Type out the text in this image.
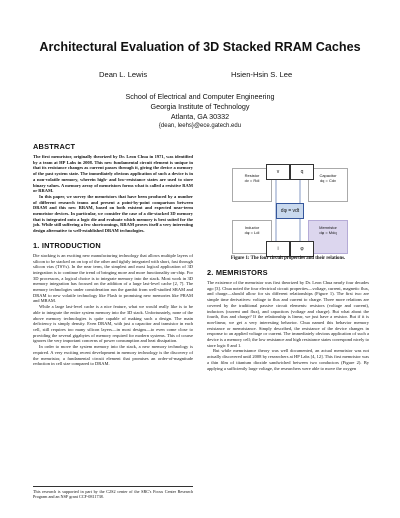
Architectural Evaluation of 3D Stacked RRAM Caches
Dean L. Lewis	Hsien-Hsin S. Lee
School of Electrical and Computer Engineering
Georgia Institute of Technology
Atlanta, GA 30332
{dean, leehs}@ece.gatech.edu
ABSTRACT

The first memristor, originally theorized by Dr. Leon Chua in 1971, was identified by a team at HP Labs in 2008. This new fundamental circuit element is unique in that its resistance changes as current passes through it, giving the device a memory of the past system state. The immediately obvious application of such a device is in a non-volatile memory, wherein high- and low-resistance states are used to store binary values. A memory array of memristors forms what is called a resistive RAM or RRAM.

In this paper, we survey the memristors that have been produced by a number of different research teams and present a point-by-point comparison between DRAM and this new RRAM, based on both existent and expected near-term memristor devices. In particular, we consider the case of a die-stacked 3D memory that is integrated onto a logic die and evaluate which memory is best suited for the job. While still suffering a few shortcomings, RRAM proves itself a very interesting design alternative to well-established DRAM technologies.

1. INTRODUCTION

Die stacking is an exciting new manufacturing technology that allows multiple layers of silicon to be stacked on on top of the other and tightly integrated with short, fast through silicon vias (TSVs). In the near term, the simplest and most logical application of 3D integration is to continue the trend of bringing more and more functionality on-chip. For 3D processors, a logical choice is to integrate memory into the stack. Most work in 3D memory integration has focused on the addition of a large last-level cache [2, 7]. The memory technologies under consideration run the gambit from well-studied SRAM and DRAM to new volatile technology like Flash to promising new memories like PRAM and MRAM.

While a large last-level cache is a nice feature, what we would really like is to be able to integrate the entire system memory into the 3D stack. Unfortunately, none of the above memory technologies is quite capable of making such a design. The main deficiency is simply density. Even DRAM, with just a capacitor and transistor in each cell, still requires too many silicon layers—in most designs—to even come close to providing the several gigabytes of memory required for modern systems. This of course ignores the very important concerns of power consumption and heat dissipation.

In order to move the system memory into the stack, a new memory technology is required. A very exciting recent development in memory technology is the discovery of the memristor, a fundamental circuit element that promises an order-of-magnitude reduction in cell size compared to DRAM.

This research is supported in part by the C2S2 center of the SRC's Focus Center Research Program and an NSF grant CCF-0811738.

Resistor
dv = Rdi
Capacitor
dq = Cdv
Inductor
dφ = Ldi
Memristor
dφ = Mdq
v	q
i	φ
dφ = vdt
Figure 1: The four circuit properties and their relations.
2. MEMRISTORS

The existence of the memristor was first theorized by Dr. Leon Chua nearly four decades ago [3]. Chua noted the four electrical circuit properties—voltage, current, magnetic flux, and charge—should allow for six different relationships (Figure 1). The first two are simple time derivatives: voltage to flux and current to charge. Three more relations are covered by the traditional passive circuit elements: resistors (voltage and current), inductors (current and flux), and capacitors (voltage and charge). But what about the fourth, flux and charge? If the relationship is linear, we just have a resistor. But if it is non-linear, we get a very interesting behavior. Chua named this behavior memory resistance or memristance. Simply described, the resistance of the device changes in response to an applied voltage or current. The immediately obvious application of such a device is a memory cell; the low resistance and high resistance states correspond nicely to store logic 0 and 1.

But while memristance theory was well documented, an actual memristor was not actually discovered until 2008 by researchers at HP Labs [4, 12]. This first memristor was a thin film of titanium dioxide sandwiched between two conductors (Figure 2). By applying a sufficiently large voltage, the researchers were able to move the oxygen
